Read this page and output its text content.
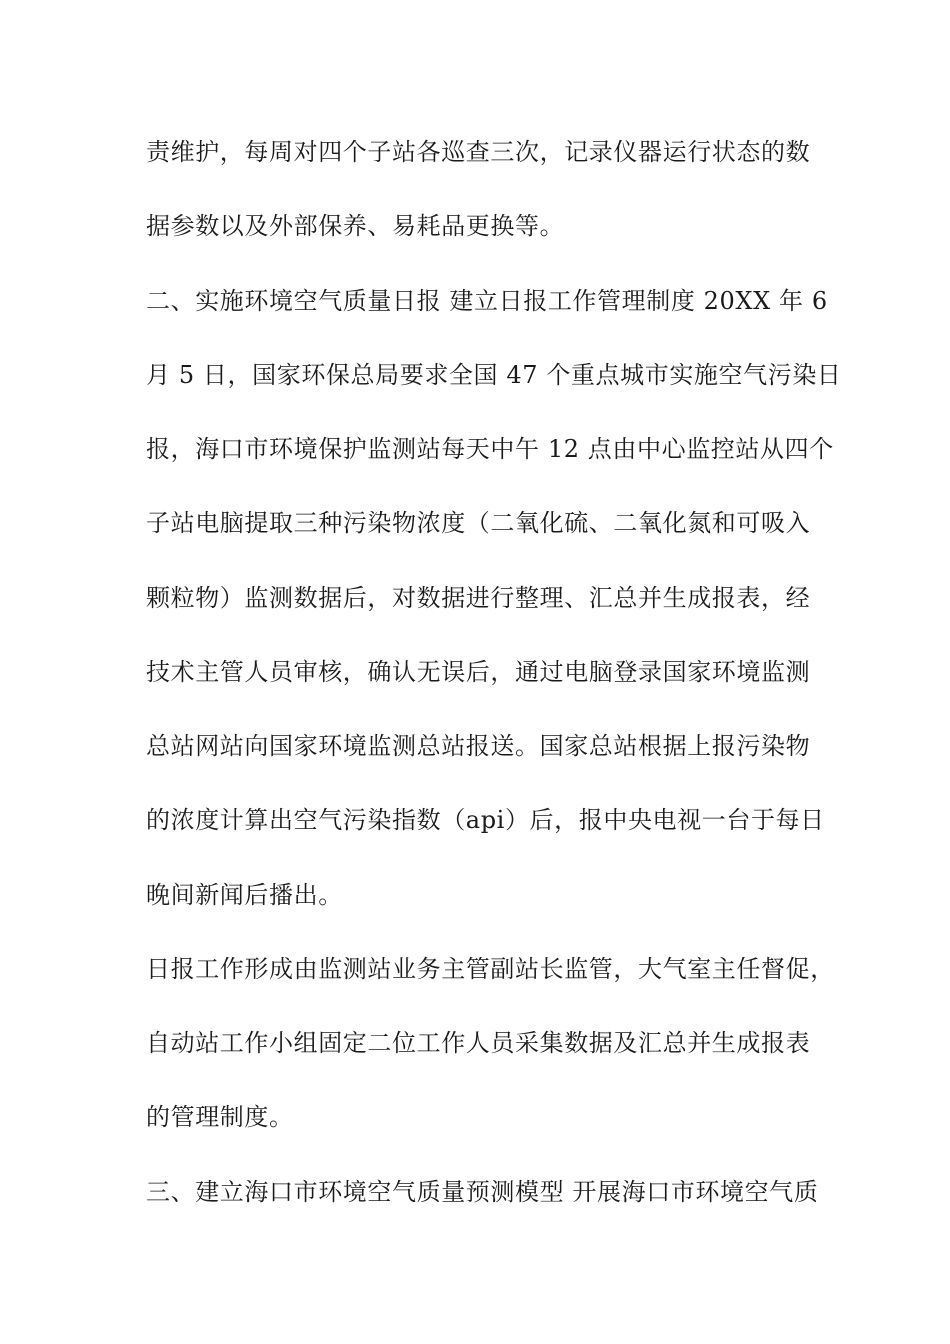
责维护，每周对四个子站各巡查三次，记录仪器运行状态的数
据参数以及外部保养、易耗品更换等。
二、实施环境空气质量日报 建立日报工作管理制度 20XX 年 6
月 5 日，国家环保总局要求全国 47 个重点城市实施空气污染日
报，海口市环境保护监测站每天中午 12 点由中心监控站从四个
子站电脑提取三种污染物浓度（二氧化硫、二氧化氮和可吸入
颗粒物）监测数据后，对数据进行整理、汇总并生成报表，经
技术主管人员审核，确认无误后，通过电脑登录国家环境监测
总站网站向国家环境监测总站报送。国家总站根据上报污染物
的浓度计算出空气污染指数（api）后，报中央电视一台于每日
晚间新闻后播出。
日报工作形成由监测站业务主管副站长监管，大气室主任督促，
自动站工作小组固定二位工作人员采集数据及汇总并生成报表
的管理制度。
三、建立海口市环境空气质量预测模型 开展海口市环境空气质
